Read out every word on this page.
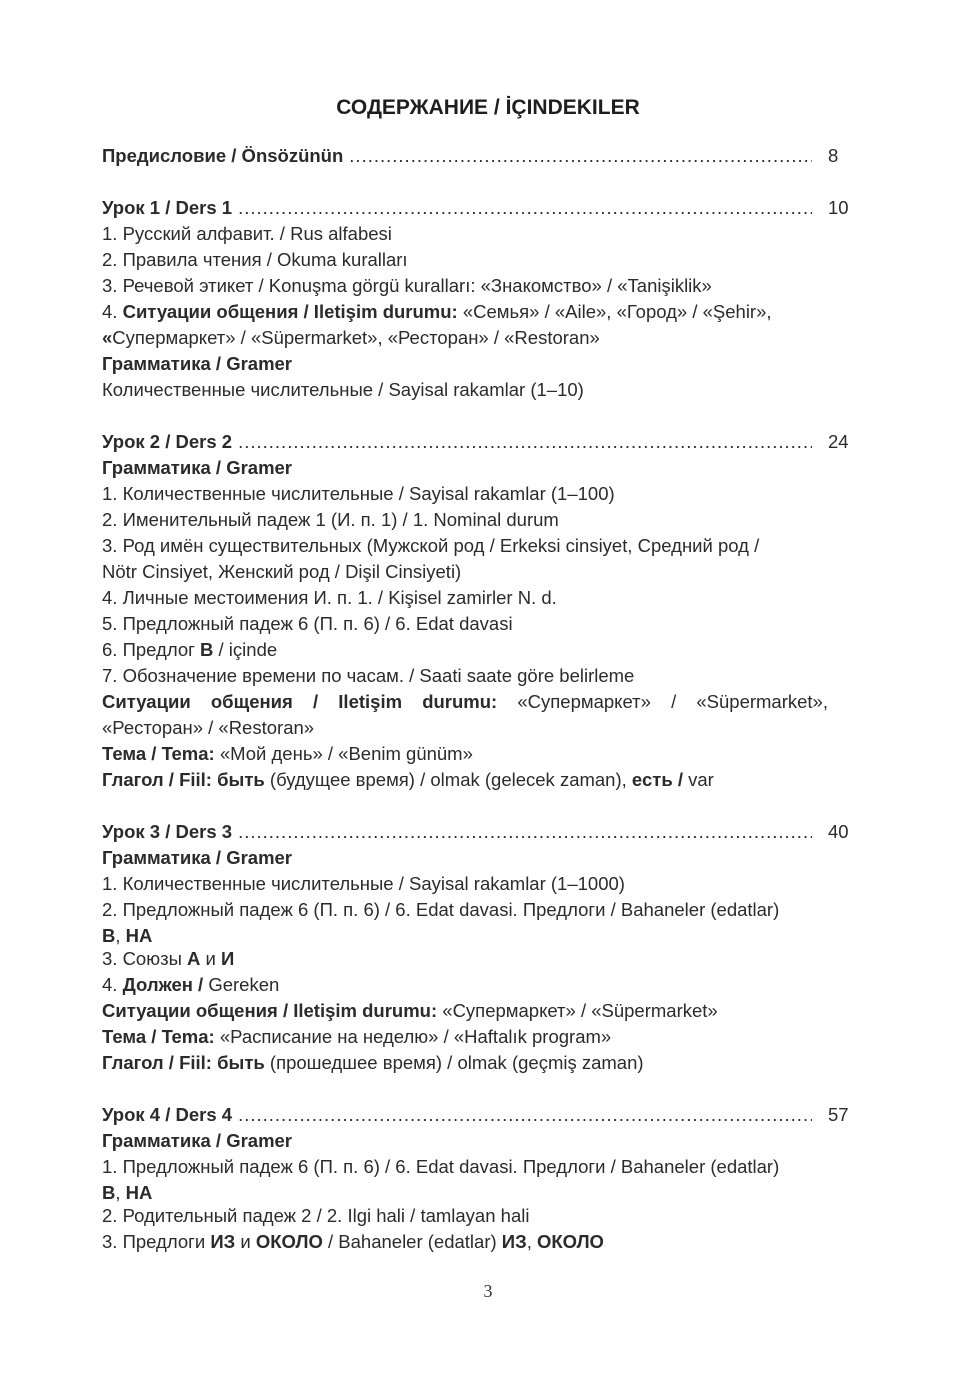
СОДЕРЖАНИЕ / İÇINDEKILER
Предисловие / Önsözünün .....	8
Урок 1 / Ders 1 .....	10
1. Русский алфавит. / Rus alfabesi
2. Правила чтения / Okuma kuralları
3. Речевой этикет / Konuşma görgü kuralları: «Знакомство» / «Tanişiklik»
4. Ситуации общения / Iletişim durumu: «Семья» / «Aile», «Город» / «Şehir»,
«Супермаркет» / «Süpermarket», «Ресторан» / «Restoran»
Грамматика / Gramer
Количественные числительные / Sayisal rakamlar (1–10)
Урок 2 / Ders 2 .....	24
Грамматика / Gramer
1. Количественные числительные / Sayisal rakamlar (1–100)
2. Именительный падеж 1 (И. п. 1) / 1. Nominal durum
3. Род имён существительных (Мужской род / Erkeksi cinsiyet, Средний род /
Nötr Cinsiyet, Женский род / Dişil Cinsiyeti)
4. Личные местоимения И. п. 1. / Kişisel zamirler N. d.
5. Предложный падеж 6 (П. п. 6) / 6. Edat davasi
6. Предлог В / içinde
7. Обозначение времени по часам. / Saati saate göre belirleme
Ситуации общения / Iletişim durumu: «Супермаркет» / «Süpermarket», «Ресторан» / «Restoran»
Тема / Tema: «Мой день» / «Benim günüm»
Глагол / Fiil: быть (будущее время) / olmak (gelecek zaman), есть / var
Урок 3 / Ders 3 .....	40
Грамматика / Gramer
1. Количественные числительные / Sayisal rakamlar (1–1000)
2. Предложный падеж 6 (П. п. 6) / 6. Edat davasi. Предлоги / Bahaneler (edatlar)
В, НА
3. Союзы А и И
4. Должен / Gereken
Ситуации общения / Iletişim durumu: «Супермаркет» / «Süpermarket»
Тема / Tema: «Расписание на неделю» / «Haftalık program»
Глагол / Fiil: быть (прошедшее время) / olmak (geçmiş zaman)
Урок 4 / Ders 4 .....	57
Грамматика / Gramer
1. Предложный падеж 6 (П. п. 6) / 6. Edat davasi. Предлоги / Bahaneler (edatlar)
В, НА
2. Родительный падеж 2 / 2. Ilgi hali / tamlayan hali
3. Предлоги ИЗ и ОКОЛО / Bahaneler (edatlar) ИЗ, ОКОЛО
3
